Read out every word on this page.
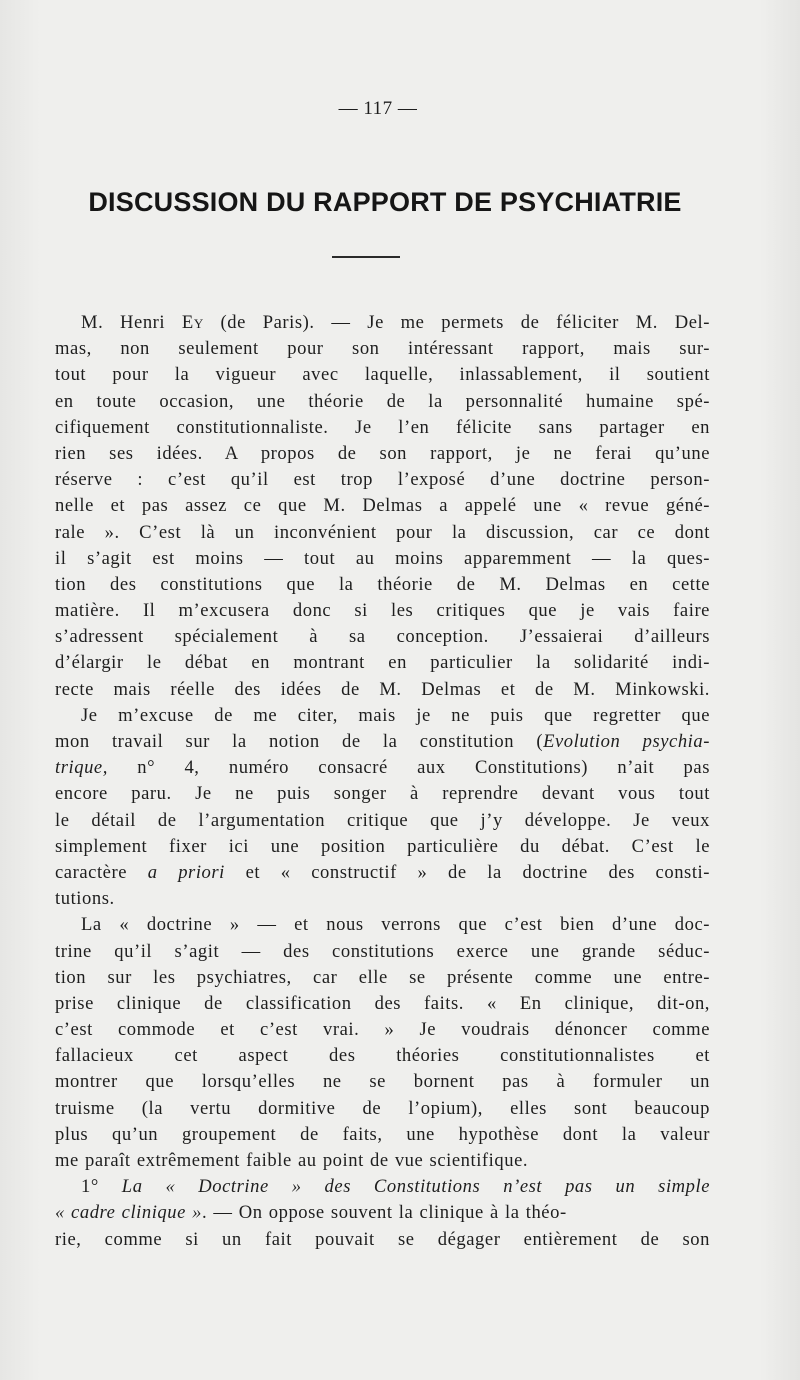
— 117 —
DISCUSSION DU RAPPORT DE PSYCHIATRIE
M. Henri Ey (de Paris). — Je me permets de féliciter M. Del-
mas, non seulement pour son intéressant rapport, mais sur-
tout pour la vigueur avec laquelle, inlassablement, il soutient
en toute occasion, une théorie de la personnalité humaine spé-
cifiquement constitutionnaliste. Je l’en félicite sans partager en
rien ses idées. A propos de son rapport, je ne ferai qu’une
réserve : c’est qu’il est trop l’exposé d’une doctrine person-
nelle et pas assez ce que M. Delmas a appelé une « revue géné-
rale ». C’est là un inconvénient pour la discussion, car ce dont
il s’agit est moins — tout au moins apparemment — la ques-
tion des constitutions que la théorie de M. Delmas en cette
matière. Il m’excusera donc si les critiques que je vais faire
s’adressent spécialement à sa conception. J’essaierai d’ailleurs
d’élargir le débat en montrant en particulier la solidarité indi-
recte mais réelle des idées de M. Delmas et de M. Minkowski.
Je m’excuse de me citer, mais je ne puis que regretter que
mon travail sur la notion de la constitution (Evolution psychia-
trique, n° 4, numéro consacré aux Constitutions) n’ait pas
encore paru. Je ne puis songer à reprendre devant vous tout
le détail de l’argumentation critique que j’y développe. Je veux
simplement fixer ici une position particulière du débat. C’est le
caractère a priori et « constructif » de la doctrine des consti-
tutions.
La « doctrine » — et nous verrons que c’est bien d’une doc-
trine qu’il s’agit — des constitutions exerce une grande séduc-
tion sur les psychiatres, car elle se présente comme une entre-
prise clinique de classification des faits. « En clinique, dit-on,
c’est commode et c’est vrai. » Je voudrais dénoncer comme
fallacieux cet aspect des théories constitutionnalistes et
montrer que lorsqu’elles ne se bornent pas à formuler un
truisme (la vertu dormitive de l’opium), elles sont beaucoup
plus qu’un groupement de faits, une hypothèse dont la valeur
me paraît extrêmement faible au point de vue scientifique.
1° La « Doctrine » des Constitutions n’est pas un simple
« cadre clinique ». — On oppose souvent la clinique à la théo-
rie, comme si un fait pouvait se dégager entièrement de son
